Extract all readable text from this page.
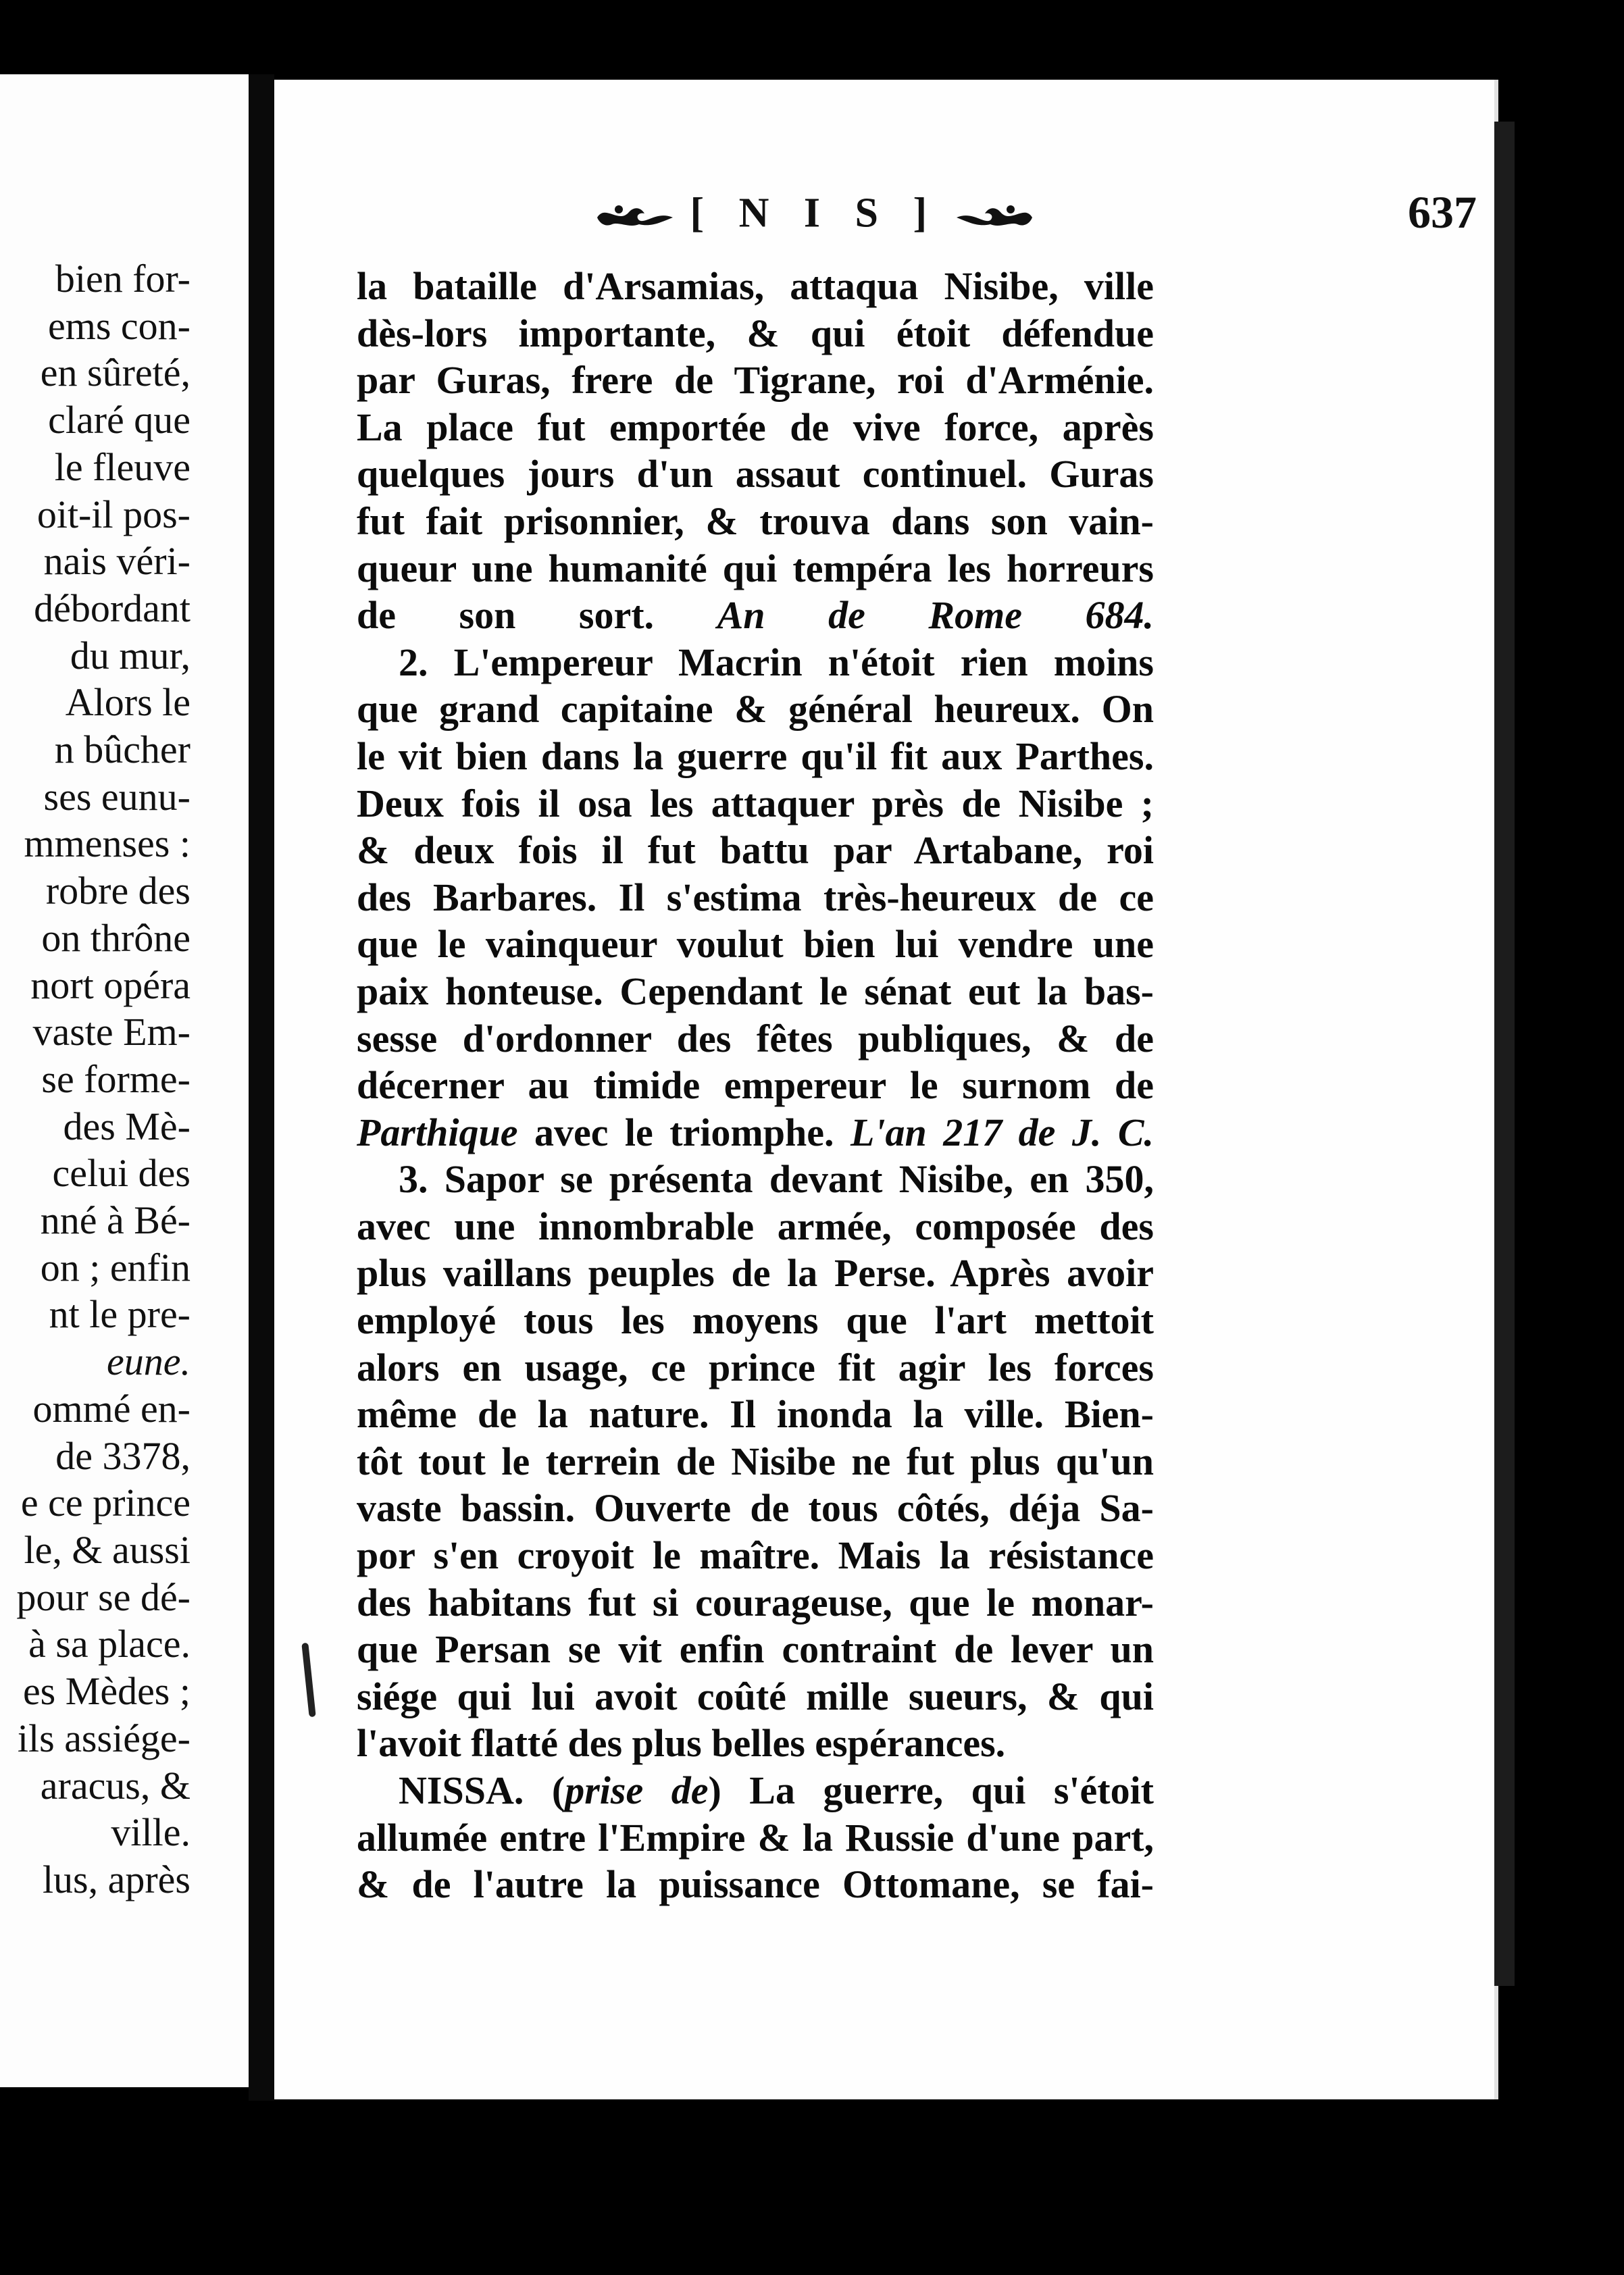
bien for-
ems con-
en sûreté,
claré que
le fleuve
oit-il pos-
nais véri-
débordant
du mur,
Alors le
n bûcher
ses eunu-
mmenses :
robre des
on thrône
nort opéra
vaste Em-
se forme-
des Mè-
celui des
nné à Bé-
on ; enfin
nt le pre-
eune.
ommé en-
de 3378,
e ce prince
le, & aussi
pour se dé-
à sa place.
es Mèdes ;
ils assiége-
aracus, &
ville.
lus, après
[ N I S ]	637
la bataille d'Arsamias, attaqua Nisibe, ville
dès-lors importante, & qui étoit défendue
par Guras, frere de Tigrane, roi d'Arménie.
La place fut emportée de vive force, après
quelques jours d'un assaut continuel. Guras
fut fait prisonnier, & trouva dans son vain-
queur une humanité qui tempéra les horreurs
de son sort. An de Rome 684.
2. L'empereur Macrin n'étoit rien moins
que grand capitaine & général heureux. On
le vit bien dans la guerre qu'il fit aux Parthes.
Deux fois il osa les attaquer près de Nisibe ;
& deux fois il fut battu par Artabane, roi
des Barbares. Il s'estima très-heureux de ce
que le vainqueur voulut bien lui vendre une
paix honteuse. Cependant le sénat eut la bas-
sesse d'ordonner des fêtes publiques, & de
décerner au timide empereur le surnom de
Parthique avec le triomphe. L'an 217 de J. C.
3. Sapor se présenta devant Nisibe, en 350,
avec une innombrable armée, composée des
plus vaillans peuples de la Perse. Après avoir
employé tous les moyens que l'art mettoit
alors en usage, ce prince fit agir les forces
même de la nature. Il inonda la ville. Bien-
tôt tout le terrein de Nisibe ne fut plus qu'un
vaste bassin. Ouverte de tous côtés, déja Sa-
por s'en croyoit le maître. Mais la résistance
des habitans fut si courageuse, que le monar-
que Persan se vit enfin contraint de lever un
siége qui lui avoit coûté mille sueurs, & qui
l'avoit flatté des plus belles espérances.
NISSA. (prise de) La guerre, qui s'étoit
allumée entre l'Empire & la Russie d'une part,
& de l'autre la puissance Ottomane, se fai-
